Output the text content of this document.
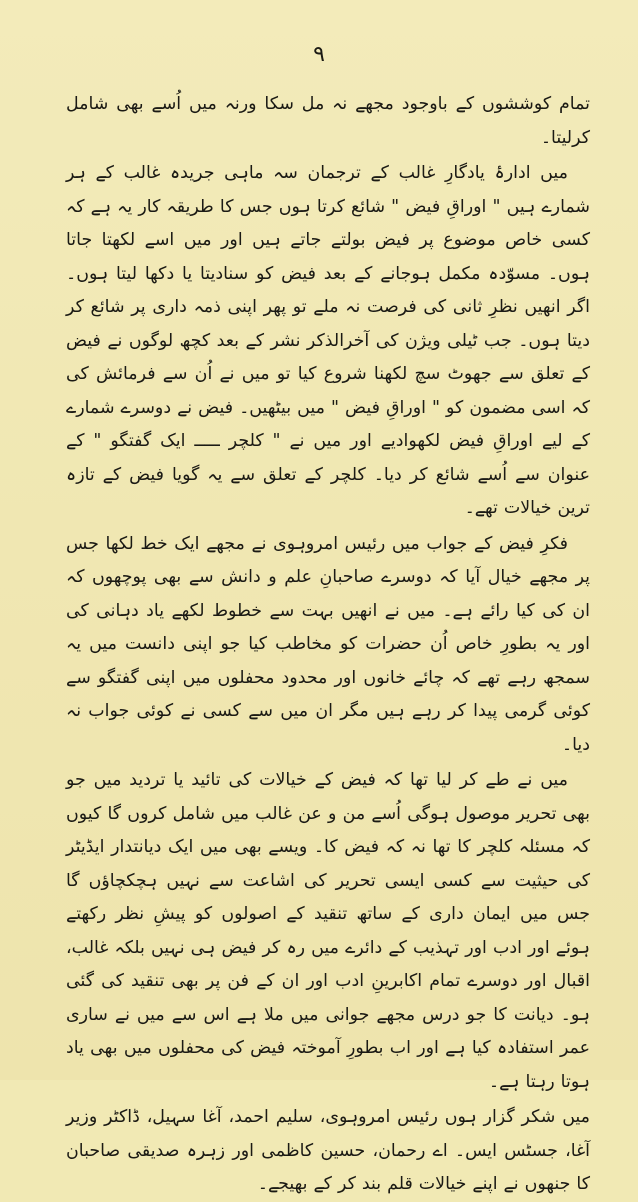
۹

تمام کوششوں کے باوجود مجھے نہ مل سکا ورنہ میں اُسے بھی شامل کرلیتا۔

میں ادارۂ یادگارِ غالب کے ترجمان سہ ماہی جریدہ غالب کے ہر شمارے ہیں " اوراقِ فیض " شائع کرتا ہوں جس کا طریقہ کار یہ ہے کہ کسی خاص موضوع پر فیض بولتے جاتے ہیں اور میں اسے لکھتا جاتا ہوں۔ مسوّدہ مکمل ہوجانے کے بعد فیض کو سنادیتا یا دکھا لیتا ہوں۔ اگر انھیں نظرِ ثانی کی فرصت نہ ملے تو پھر اپنی ذمہ داری پر شائع کر دیتا ہوں۔ جب ٹیلی ویژن کی آخرالذکر نشر کے بعد کچھ لوگوں نے فیض کے تعلق سے جھوٹ سچ لکھنا شروع کیا تو میں نے اُن سے فرمائش کی کہ اسی مضمون کو " اوراقِ فیض " میں بیٹھیں۔ فیض نے دوسرے شمارے کے لیے اوراقِ فیض لکھوادیے اور میں نے " کلچر ـــــ ایک گفتگو " کے عنوان سے اُسے شائع کر دیا۔ کلچر کے تعلق سے یہ گویا فیض کے تازہ ترین خیالات تھے۔

فکرِ فیض کے جواب میں رئیس امروہوی نے مجھے ایک خط لکھا جس پر مجھے خیال آیا کہ دوسرے صاحبانِ علم و دانش سے بھی پوچھوں کہ ان کی کیا رائے ہے۔ میں نے انھیں بہت سے خطوط لکھے یاد دہانی کی اور یہ بطورِ خاص اُن حضرات کو مخاطب کیا جو اپنی دانست میں یہ سمجھ رہے تھے کہ چائے خانوں اور محدود محفلوں میں اپنی گفتگو سے کوئی گرمی پیدا کر رہے ہیں مگر ان میں سے کسی نے کوئی جواب نہ دیا۔

میں نے طے کر لیا تھا کہ فیض کے خیالات کی تائید یا تردید میں جو بھی تحریر موصول ہوگی اُسے من و عن غالب میں شامل کروں گا کیوں کہ مسئلہ کلچر کا تھا نہ کہ فیض کا۔ ویسے بھی میں ایک دیانتدار ایڈیٹر کی حیثیت سے کسی ایسی تحریر کی اشاعت سے نہیں ہچکچاؤں گا جس میں ایمان داری کے ساتھ تنقید کے اصولوں کو پیشِ نظر رکھتے ہوئے اور ادب اور تہذیب کے دائرے میں رہ کر فیض ہی نہیں بلکہ غالب، اقبال اور دوسرے تمام اکابرینِ ادب اور ان کے فن پر بھی تنقید کی گئی ہو۔ دیانت کا جو درس مجھے جوانی میں ملا ہے اس سے میں نے ساری عمر استفادہ کیا ہے اور اب بطورِ آموختہ فیض کی محفلوں میں بھی یاد ہوتا رہتا ہے۔

میں شکر گزار ہوں رئیس امروہوی، سلیم احمد، آغا سہیل، ڈاکٹر وزیر آغا، جسٹس ایس۔ اے رحمان، حسین کاظمی اور زہرہ صدیقی صاحبان کا جنھوں نے اپنے خیالات قلم بند کر کے بھیجے۔
